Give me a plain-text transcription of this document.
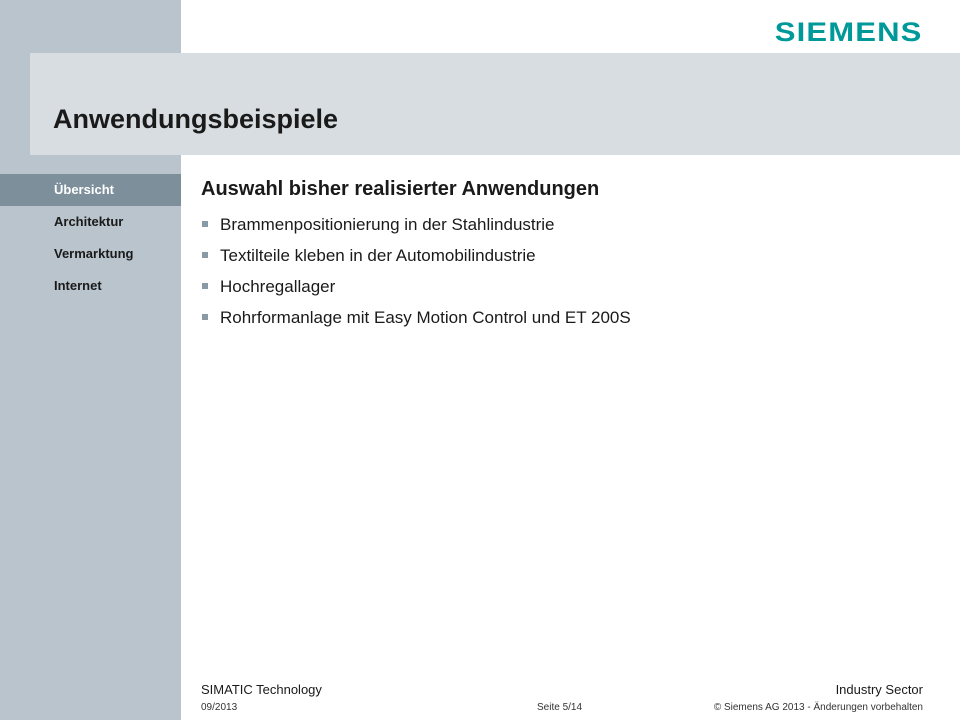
SIEMENS
Anwendungsbeispiele
Übersicht
Architektur
Vermarktung
Internet
Auswahl bisher realisierter Anwendungen
Brammenpositionierung in der Stahlindustrie
Textilteile kleben in der Automobilindustrie
Hochregallager
Rohrformanlage mit Easy Motion Control und ET 200S
SIMATIC Technology	Industry Sector
09/2013	Seite 5/14	© Siemens AG 2013 - Änderungen vorbehalten
